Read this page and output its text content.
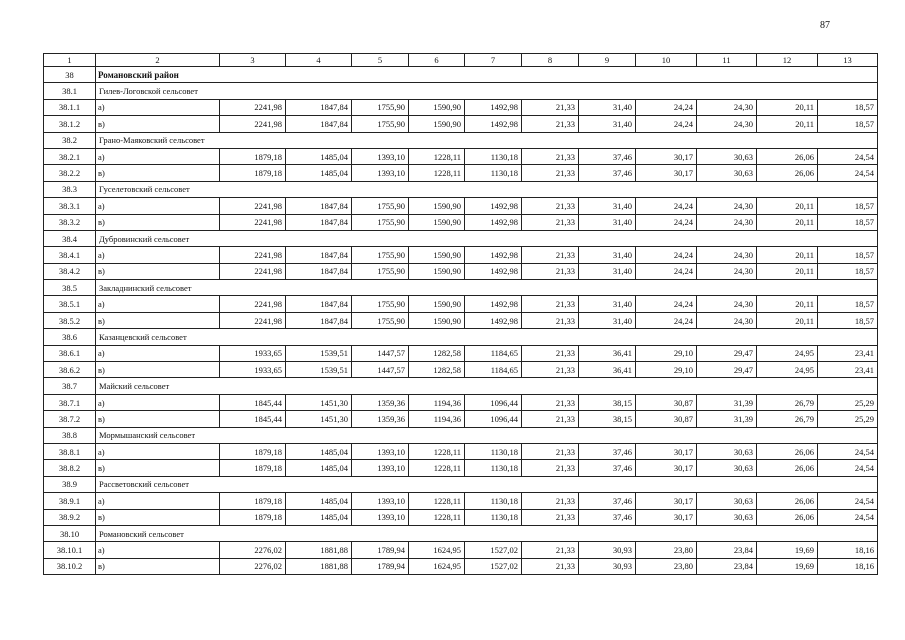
87
1	2	3	4	5	6	7	8	9	10	11	12	13
38	Романовский район											
38.1	Гилев-Логовской сельсовет											
38.1.1	а)	2241,98	1847,84	1755,90	1590,90	1492,98	21,33	31,40	24,24	24,30	20,11	18,57
38.1.2	в)	2241,98	1847,84	1755,90	1590,90	1492,98	21,33	31,40	24,24	24,30	20,11	18,57
38.2	Грано-Маяковский сельсовет											
38.2.1	а)	1879,18	1485,04	1393,10	1228,11	1130,18	21,33	37,46	30,17	30,63	26,06	24,54
38.2.2	в)	1879,18	1485,04	1393,10	1228,11	1130,18	21,33	37,46	30,17	30,63	26,06	24,54
38.3	Гуселетовский сельсовет											
38.3.1	а)	2241,98	1847,84	1755,90	1590,90	1492,98	21,33	31,40	24,24	24,30	20,11	18,57
38.3.2	в)	2241,98	1847,84	1755,90	1590,90	1492,98	21,33	31,40	24,24	24,30	20,11	18,57
38.4	Дубровинский сельсовет											
38.4.1	а)	2241,98	1847,84	1755,90	1590,90	1492,98	21,33	31,40	24,24	24,30	20,11	18,57
38.4.2	в)	2241,98	1847,84	1755,90	1590,90	1492,98	21,33	31,40	24,24	24,30	20,11	18,57
38.5	Закладнинский сельсовет											
38.5.1	а)	2241,98	1847,84	1755,90	1590,90	1492,98	21,33	31,40	24,24	24,30	20,11	18,57
38.5.2	в)	2241,98	1847,84	1755,90	1590,90	1492,98	21,33	31,40	24,24	24,30	20,11	18,57
38.6	Казанцевский сельсовет											
38.6.1	а)	1933,65	1539,51	1447,57	1282,58	1184,65	21,33	36,41	29,10	29,47	24,95	23,41
38.6.2	в)	1933,65	1539,51	1447,57	1282,58	1184,65	21,33	36,41	29,10	29,47	24,95	23,41
38.7	Майский сельсовет											
38.7.1	а)	1845,44	1451,30	1359,36	1194,36	1096,44	21,33	38,15	30,87	31,39	26,79	25,29
38.7.2	в)	1845,44	1451,30	1359,36	1194,36	1096,44	21,33	38,15	30,87	31,39	26,79	25,29
38.8	Мормышанский сельсовет											
38.8.1	а)	1879,18	1485,04	1393,10	1228,11	1130,18	21,33	37,46	30,17	30,63	26,06	24,54
38.8.2	в)	1879,18	1485,04	1393,10	1228,11	1130,18	21,33	37,46	30,17	30,63	26,06	24,54
38.9	Рассветовский сельсовет											
38.9.1	а)	1879,18	1485,04	1393,10	1228,11	1130,18	21,33	37,46	30,17	30,63	26,06	24,54
38.9.2	в)	1879,18	1485,04	1393,10	1228,11	1130,18	21,33	37,46	30,17	30,63	26,06	24,54
38.10	Романовский сельсовет											
38.10.1	а)	2276,02	1881,88	1789,94	1624,95	1527,02	21,33	30,93	23,80	23,84	19,69	18,16
38.10.2	в)	2276,02	1881,88	1789,94	1624,95	1527,02	21,33	30,93	23,80	23,84	19,69	18,16
